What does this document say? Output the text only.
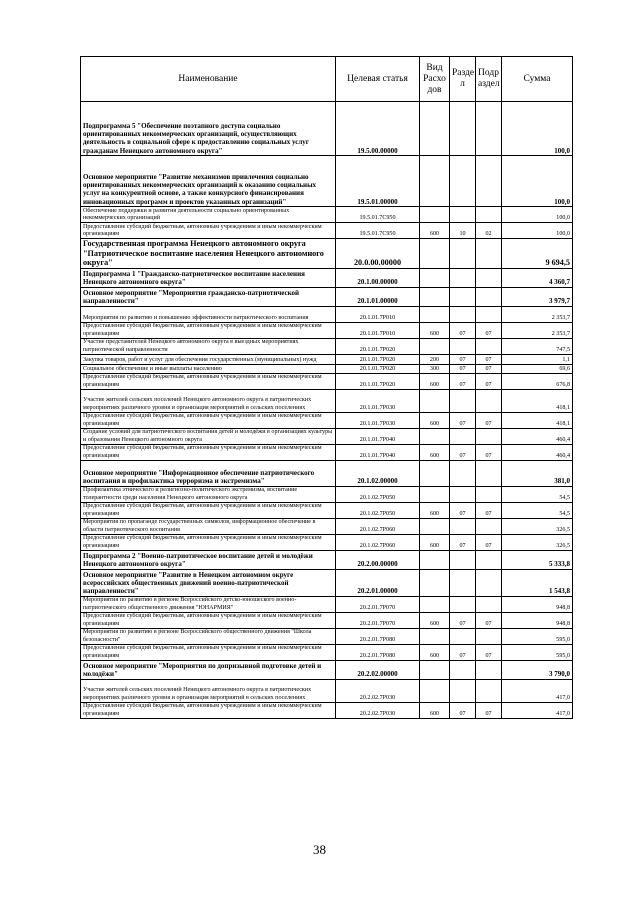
Наименование	Целевая статья	Вид Расхо дов	Разде л	Подр аздел	Сумма
Подпрограмма 5 "Обеспечение поэтапного доступа социально ориентированных некоммерческих организаций, осуществляющих деятельность в социальной сфере к предоставлению социальных услуг гражданам Ненецкого автономного округа"	19.5.00.00000				100,0
Основное мероприятие "Развитие механизмов привлечения социально ориентированных некоммерческих организаций к оказанию социальных услуг на конкурентной основе, а также конкурсного финансирования инновационных программ и проектов указанных организаций"	19.5.01.00000				100,0
Обеспечение поддержки и развития деятельности социально ориентированных некоммерческих организаций	19.5.01.7С950				100,0
Предоставление субсидий бюджетным, автономным учреждениям и иным некоммерческим организациям	19.5.01.7С950	600	10	02	100,0
Государственная программа Ненецкого автономного округа "Патриотическое воспитание населения Ненецкого автономного округа"	20.0.00.00000				9 694,5
Подпрограмма 1 "Гражданско-патриотическое воспитание населения Ненецкого автономного округа"	20.1.00.00000				4 360,7
Основное мероприятие "Мероприятия гражданско-патриотической направленности"	20.1.01.00000				3 979,7
Мероприятия по развитию и повышению эффективности патриотического воспитания	20.1.01.7Р010				2 353,7
Предоставление субсидий бюджетным, автономным учреждениям и иным некоммерческим организациям	20.1.01.7Р010	600	07	07	2 353,7
Участие представителей Ненецкого автономного округа в выездных мероприятиях патриотической направленности	20.1.01.7Р020				747,5
Закупка товаров, работ и услуг для обеспечения государственных (муниципальных) нужд	20.1.01.7Р020	200	07	07	1,1
Социальное обеспечение и иные выплаты населению	20.1.01.7Р020	300	07	07	69,6
Предоставление субсидий бюджетным, автономным учреждениям и иным некоммерческим организациям	20.1.01.7Р020	600	07	07	676,8
Участие жителей сельских поселений Ненецкого автономного округа в патриотических мероприятиях различного уровня и организация мероприятий в сельских поселениях	20.1.01.7Р030				418,1
Предоставление субсидий бюджетным, автономным учреждениям и иным некоммерческим организациям	20.1.01.7Р030	600	07	07	418,1
Создание условий для патриотического воспитания детей и молодёжи в организациях культуры и образования Ненецкого автономного округа	20.1.01.7Р040				460,4
Предоставление субсидий бюджетным, автономным учреждениям и иным некоммерческим организациям	20.1.01.7Р040	600	07	07	460,4
Основное мероприятие "Информационное обеспечение патриотического воспитания и профилактика терроризма и экстремизма"	20.1.02.00000				381,0
Профилактика этнического и религиозно-политического экстремизма, воспитание толерантности среди населения Ненецкого автономного округа	20.1.02.7Р050				54,5
Предоставление субсидий бюджетным, автономным учреждениям и иным некоммерческим организациям	20.1.02.7Р050	600	07	07	54,5
Мероприятия по пропаганде государственных символов, информационное обеспечение в области патриотического воспитания	20.1.02.7Р060				326,5
Предоставление субсидий бюджетным, автономным учреждениям и иным некоммерческим организациям	20.1.02.7Р060	600	07	07	326,5
Подпрограмма 2 "Военно-патриотическое воспитание детей и молодёжи Ненецкого автономного округа"	20.2.00.00000				5 333,8
Основное мероприятие "Развитие в Ненецком автономном округе всероссийских общественных движений военно-патриотической направленности"	20.2.01.00000				1 543,8
Мероприятия по развитию в регионе Всероссийского детско-юношеского военно-патриотического общественного движения "ЮНАРМИЯ"	20.2.01.7Р070				948,8
Предоставление субсидий бюджетным, автономным учреждениям и иным некоммерческим организациям	20.2.01.7Р070	600	07	07	948,8
Мероприятия по развитию в регионе Всероссийского общественного движения "Школа безопасности"	20.2.01.7Р080				595,0
Предоставление субсидий бюджетным, автономным учреждениям и иным некоммерческим организациям	20.2.01.7Р080	600	07	07	595,0
Основное мероприятие "Мероприятия по допризывной подготовке детей и молодёжи"	20.2.02.00000				3 790,0
Участие жителей сельских поселений Ненецкого автономного округа в патриотических мероприятиях различного уровня и организация мероприятий в сельских поселениях	20.2.02.7Р030				417,0
Предоставление субсидий бюджетным, автономным учреждениям и иным некоммерческим организациям	20.2.02.7Р030	600	07	07	417,0
38
